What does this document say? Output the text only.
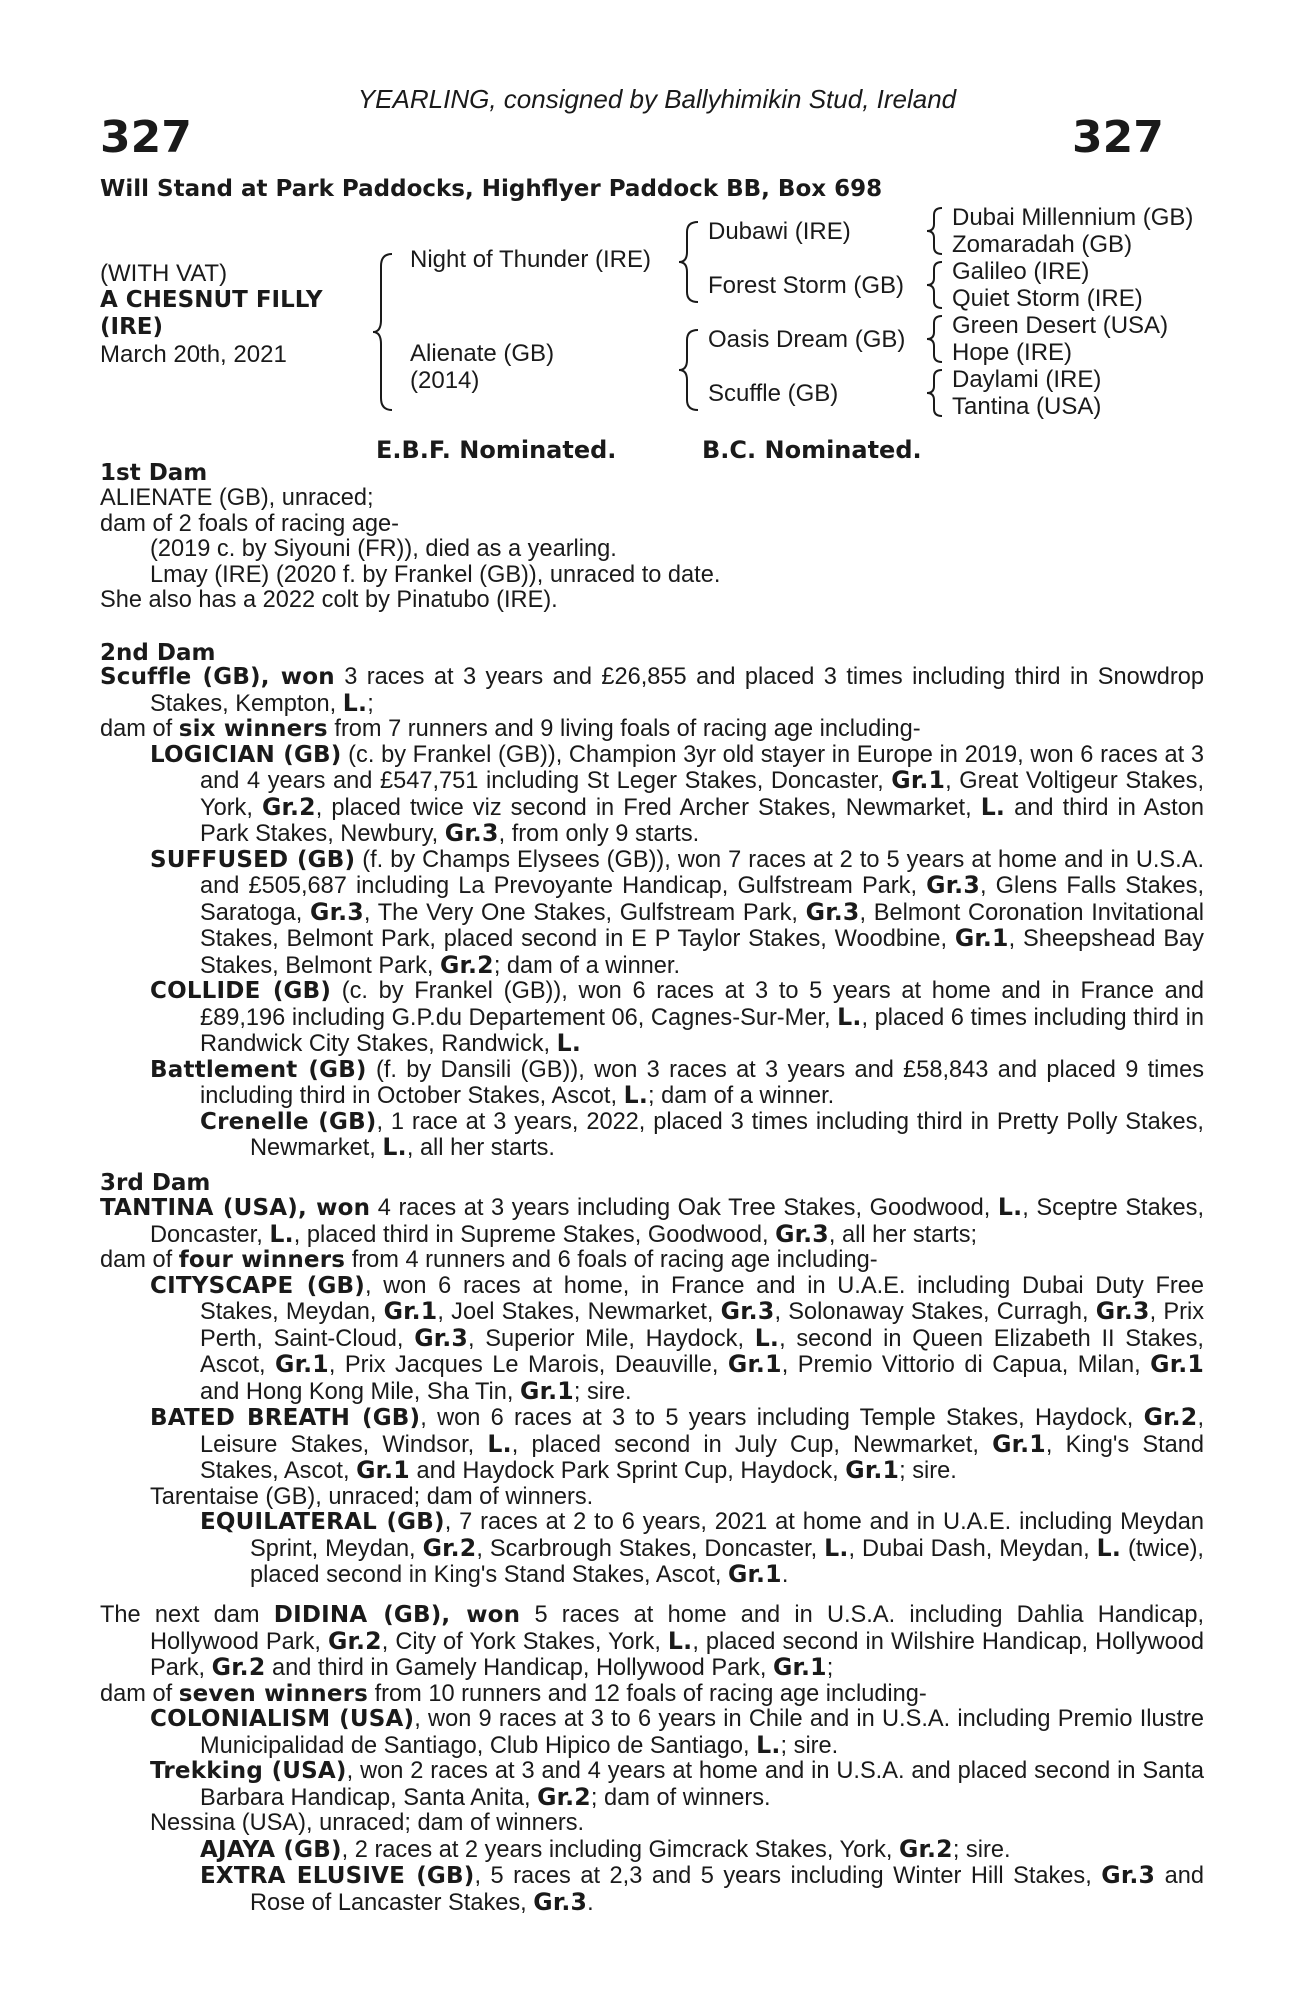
YEARLING, consigned by Ballyhimikin Stud, Ireland
327	327
Will Stand at Park Paddocks, Highflyer Paddock BB, Box 698
(WITH VAT)
A CHESNUT FILLY
(IRE)
March 20th, 2021
Night of Thunder (IRE)
Alienate (GB)
(2014)
Dubawi (IRE)
Forest Storm (GB)
Oasis Dream (GB)
Scuffle (GB)
Dubai Millennium (GB)
Zomaradah (GB)
Galileo (IRE)
Quiet Storm (IRE)
Green Desert (USA)
Hope (IRE)
Daylami (IRE)
Tantina (USA)
E.B.F. Nominated.	B.C. Nominated.
1st Dam
ALIENATE (GB), unraced;
dam of 2 foals of racing age-
(2019 c. by Siyouni (FR)), died as a yearling.
Lmay (IRE) (2020 f. by Frankel (GB)), unraced to date.
She also has a 2022 colt by Pinatubo (IRE).
2nd Dam
Scuffle (GB), won 3 races at 3 years and £26,855 and placed 3 times including third in Snowdrop Stakes, Kempton, L.;
dam of six winners from 7 runners and 9 living foals of racing age including-
LOGICIAN (GB) (c. by Frankel (GB)), Champion 3yr old stayer in Europe in 2019, won 6 races at 3 and 4 years and £547,751 including St Leger Stakes, Doncaster, Gr.1, Great Voltigeur Stakes, York, Gr.2, placed twice viz second in Fred Archer Stakes, Newmarket, L. and third in Aston Park Stakes, Newbury, Gr.3, from only 9 starts.
SUFFUSED (GB) (f. by Champs Elysees (GB)), won 7 races at 2 to 5 years at home and in U.S.A. and £505,687 including La Prevoyante Handicap, Gulfstream Park, Gr.3, Glens Falls Stakes, Saratoga, Gr.3, The Very One Stakes, Gulfstream Park, Gr.3, Belmont Coronation Invitational Stakes, Belmont Park, placed second in E P Taylor Stakes, Woodbine, Gr.1, Sheepshead Bay Stakes, Belmont Park, Gr.2; dam of a winner.
COLLIDE (GB) (c. by Frankel (GB)), won 6 races at 3 to 5 years at home and in France and £89,196 including G.P.du Departement 06, Cagnes-Sur-Mer, L., placed 6 times including third in Randwick City Stakes, Randwick, L.
Battlement (GB) (f. by Dansili (GB)), won 3 races at 3 years and £58,843 and placed 9 times including third in October Stakes, Ascot, L.; dam of a winner.
Crenelle (GB), 1 race at 3 years, 2022, placed 3 times including third in Pretty Polly Stakes, Newmarket, L., all her starts.
3rd Dam
TANTINA (USA), won 4 races at 3 years including Oak Tree Stakes, Goodwood, L., Sceptre Stakes, Doncaster, L., placed third in Supreme Stakes, Goodwood, Gr.3, all her starts;
dam of four winners from 4 runners and 6 foals of racing age including-
CITYSCAPE (GB), won 6 races at home, in France and in U.A.E. including Dubai Duty Free Stakes, Meydan, Gr.1, Joel Stakes, Newmarket, Gr.3, Solonaway Stakes, Curragh, Gr.3, Prix Perth, Saint-Cloud, Gr.3, Superior Mile, Haydock, L., second in Queen Elizabeth II Stakes, Ascot, Gr.1, Prix Jacques Le Marois, Deauville, Gr.1, Premio Vittorio di Capua, Milan, Gr.1 and Hong Kong Mile, Sha Tin, Gr.1; sire.
BATED BREATH (GB), won 6 races at 3 to 5 years including Temple Stakes, Haydock, Gr.2, Leisure Stakes, Windsor, L., placed second in July Cup, Newmarket, Gr.1, King's Stand Stakes, Ascot, Gr.1 and Haydock Park Sprint Cup, Haydock, Gr.1; sire.
Tarentaise (GB), unraced; dam of winners.
EQUILATERAL (GB), 7 races at 2 to 6 years, 2021 at home and in U.A.E. including Meydan Sprint, Meydan, Gr.2, Scarbrough Stakes, Doncaster, L., Dubai Dash, Meydan, L. (twice), placed second in King's Stand Stakes, Ascot, Gr.1.
The next dam DIDINA (GB), won 5 races at home and in U.S.A. including Dahlia Handicap, Hollywood Park, Gr.2, City of York Stakes, York, L., placed second in Wilshire Handicap, Hollywood Park, Gr.2 and third in Gamely Handicap, Hollywood Park, Gr.1;
dam of seven winners from 10 runners and 12 foals of racing age including-
COLONIALISM (USA), won 9 races at 3 to 6 years in Chile and in U.S.A. including Premio Ilustre Municipalidad de Santiago, Club Hipico de Santiago, L.; sire.
Trekking (USA), won 2 races at 3 and 4 years at home and in U.S.A. and placed second in Santa Barbara Handicap, Santa Anita, Gr.2; dam of winners.
Nessina (USA), unraced; dam of winners.
AJAYA (GB), 2 races at 2 years including Gimcrack Stakes, York, Gr.2; sire.
EXTRA ELUSIVE (GB), 5 races at 2,3 and 5 years including Winter Hill Stakes, Gr.3 and Rose of Lancaster Stakes, Gr.3.
